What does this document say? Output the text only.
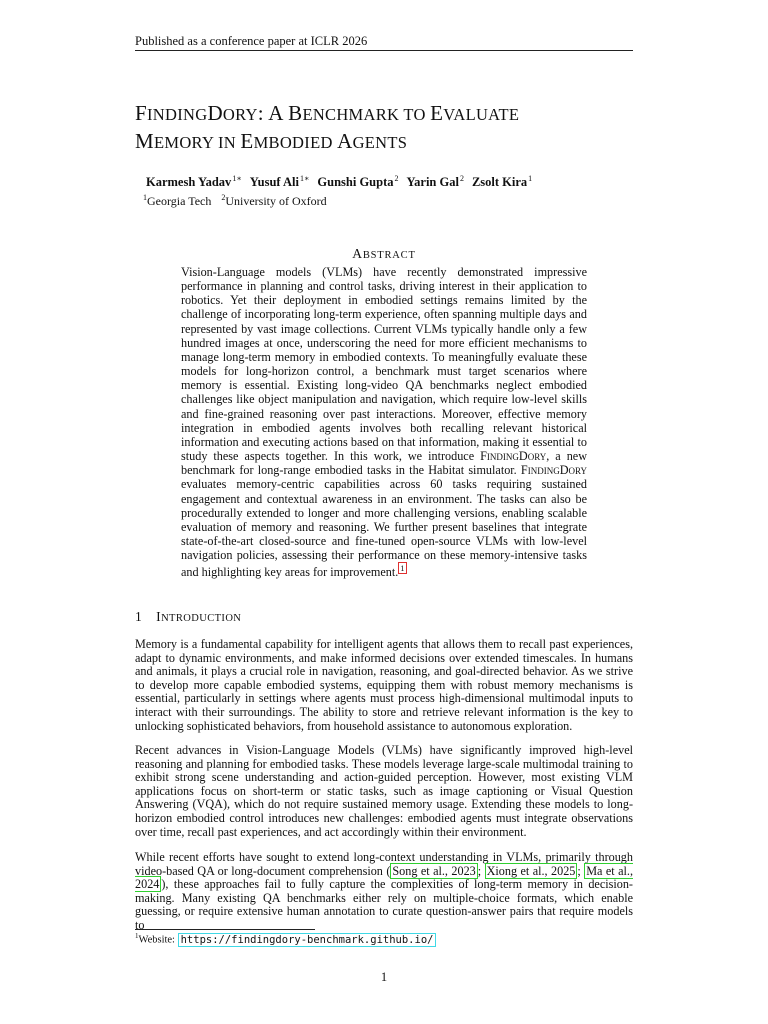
Published as a conference paper at ICLR 2026
FINDINGDORY: A BENCHMARK TO EVALUATE
MEMORY IN EMBODIED AGENTS
Karmesh Yadav$^{1∗}$ Yusuf Ali$^{1∗}$ Gunshi Gupta$^2$ Yarin Gal$^2$ Zsolt Kira$^1$
$^1$Georgia Tech $^2$University of Oxford
ABSTRACT
Vision-Language models (VLMs) have recently demonstrated impressive performance in planning and control tasks, driving interest in their application to robotics. Yet their deployment in embodied settings remains limited by the challenge of incorporating long-term experience, often spanning multiple days and represented by vast image collections. Current VLMs typically handle only a few hundred images at once, underscoring the need for more efficient mechanisms to manage long-term memory in embodied contexts. To meaningfully evaluate these models for long-horizon control, a benchmark must target scenarios where memory is essential. Existing long-video QA benchmarks neglect embodied challenges like object manipulation and navigation, which require low-level skills and fine-grained reasoning over past interactions. Moreover, effective memory integration in embodied agents involves both recalling relevant historical information and executing actions based on that information, making it essential to study these aspects together. In this work, we introduce FindingDory, a new benchmark for long-range embodied tasks in the Habitat simulator. FindingDory evaluates memory-centric capabilities across 60 tasks requiring sustained engagement and contextual awareness in an environment. The tasks can also be procedurally extended to longer and more challenging versions, enabling scalable evaluation of memory and reasoning. We further present baselines that integrate state-of-the-art closed-source and fine-tuned open-source VLMs with low-level navigation policies, assessing their performance on these memory-intensive tasks and highlighting key areas for improvement. 1
1 INTRODUCTION
Memory is a fundamental capability for intelligent agents that allows them to recall past experiences, adapt to dynamic environments, and make informed decisions over extended timescales. In humans and animals, it plays a crucial role in navigation, reasoning, and goal-directed behavior. As we strive to develop more capable embodied systems, equipping them with robust memory mechanisms is essential, particularly in settings where agents must process high-dimensional multimodal inputs to interact with their surroundings. The ability to store and retrieve relevant information is the key to unlocking sophisticated behaviors, from household assistance to autonomous exploration.
Recent advances in Vision-Language Models (VLMs) have significantly improved high-level reasoning and planning for embodied tasks. These models leverage large-scale multimodal training to exhibit strong scene understanding and action-guided perception. However, most existing VLM applications focus on short-term or static tasks, such as image captioning or Visual Question Answering (VQA), which do not require sustained memory usage. Extending these models to long-horizon embodied control introduces new challenges: embodied agents must integrate observations over time, recall past experiences, and act accordingly within their environment.
While recent efforts have sought to extend long-context understanding in VLMs, primarily through video-based QA or long-document comprehension ( Song et al., 2023 ; Xiong et al., 2025 ; Ma et al., 2024 ), these approaches fail to fully capture the complexities of long-term memory in decision-making. Many existing QA benchmarks either rely on multiple-choice formats, which enable guessing, or require extensive human annotation to curate question-answer pairs that require models to
$^1$Website: https://findingdory-benchmark.github.io/
1
